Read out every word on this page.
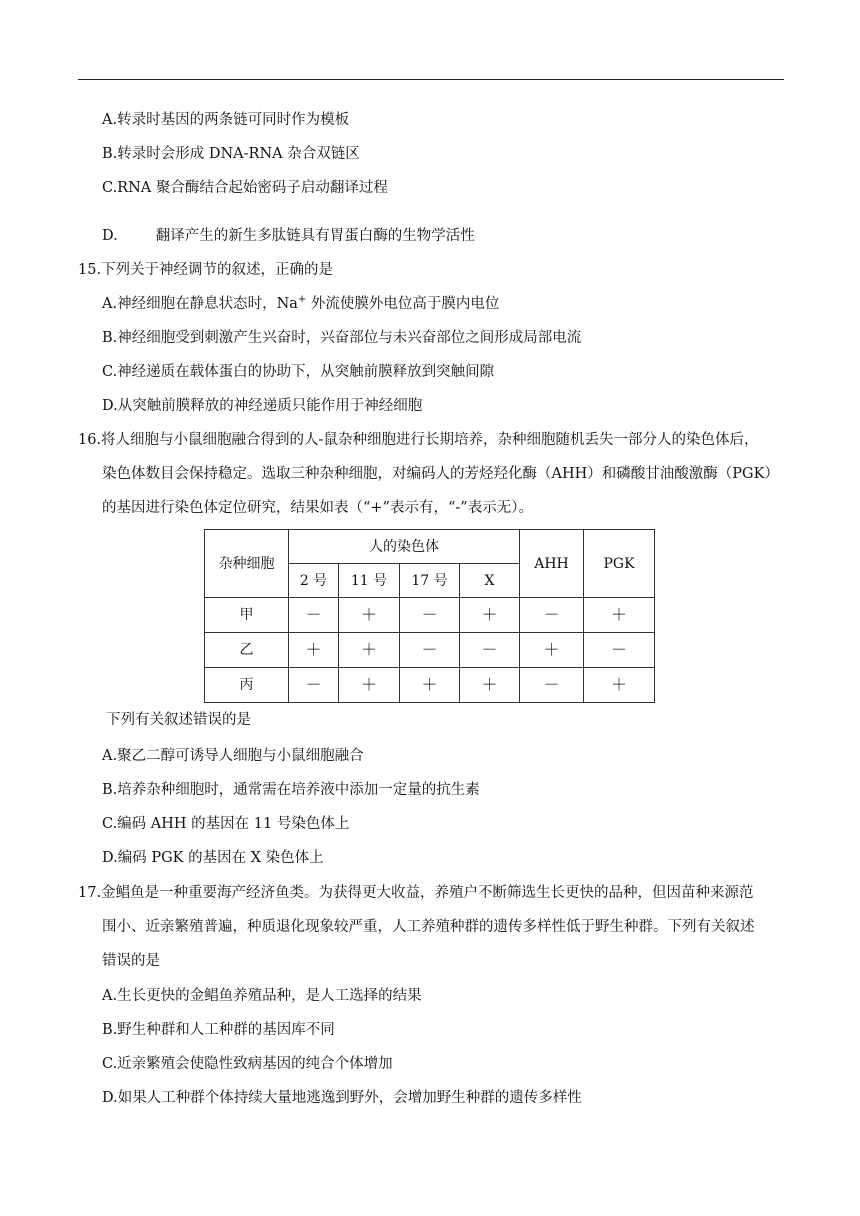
A.转录时基因的两条链可同时作为模板
B.转录时会形成 DNA-RNA 杂合双链区
C.RNA 聚合酶结合起始密码子启动翻译过程
D.	翻译产生的新生多肽链具有胃蛋白酶的生物学活性
15.下列关于神经调节的叙述，正确的是
A.神经细胞在静息状态时，Na+ 外流使膜外电位高于膜内电位
B.神经细胞受到刺激产生兴奋时，兴奋部位与未兴奋部位之间形成局部电流
C.神经递质在载体蛋白的协助下，从突触前膜释放到突触间隙
D.从突触前膜释放的神经递质只能作用于神经细胞
16.将人细胞与小鼠细胞融合得到的人-鼠杂种细胞进行长期培养，杂种细胞随机丢失一部分人的染色体后，
染色体数目会保持稳定。选取三种杂种细胞，对编码人的芳烃羟化酶（AHH）和磷酸甘油酸激酶（PGK）
的基因进行染色体定位研究，结果如表（“+”表示有，“-”表示无）。
杂种细胞	人的染色体				AHH	PGK
	2 号	11 号	17 号	X		
甲	－	＋	－	＋	－	＋
乙	＋	＋	－	－	＋	－
丙	－	＋	＋	＋	－	＋
下列有关叙述错误的是
A.聚乙二醇可诱导人细胞与小鼠细胞融合
B.培养杂种细胞时，通常需在培养液中添加一定量的抗生素
C.编码 AHH 的基因在 11 号染色体上
D.编码 PGK 的基因在 X 染色体上
17.金鲳鱼是一种重要海产经济鱼类。为获得更大收益，养殖户不断筛选生长更快的品种，但因苗种来源范
围小、近亲繁殖普遍，种质退化现象较严重，人工养殖种群的遗传多样性低于野生种群。下列有关叙述
错误的是
A.生长更快的金鲳鱼养殖品种，是人工选择的结果
B.野生种群和人工种群的基因库不同
C.近亲繁殖会使隐性致病基因的纯合个体增加
D.如果人工种群个体持续大量地逃逸到野外，会增加野生种群的遗传多样性
